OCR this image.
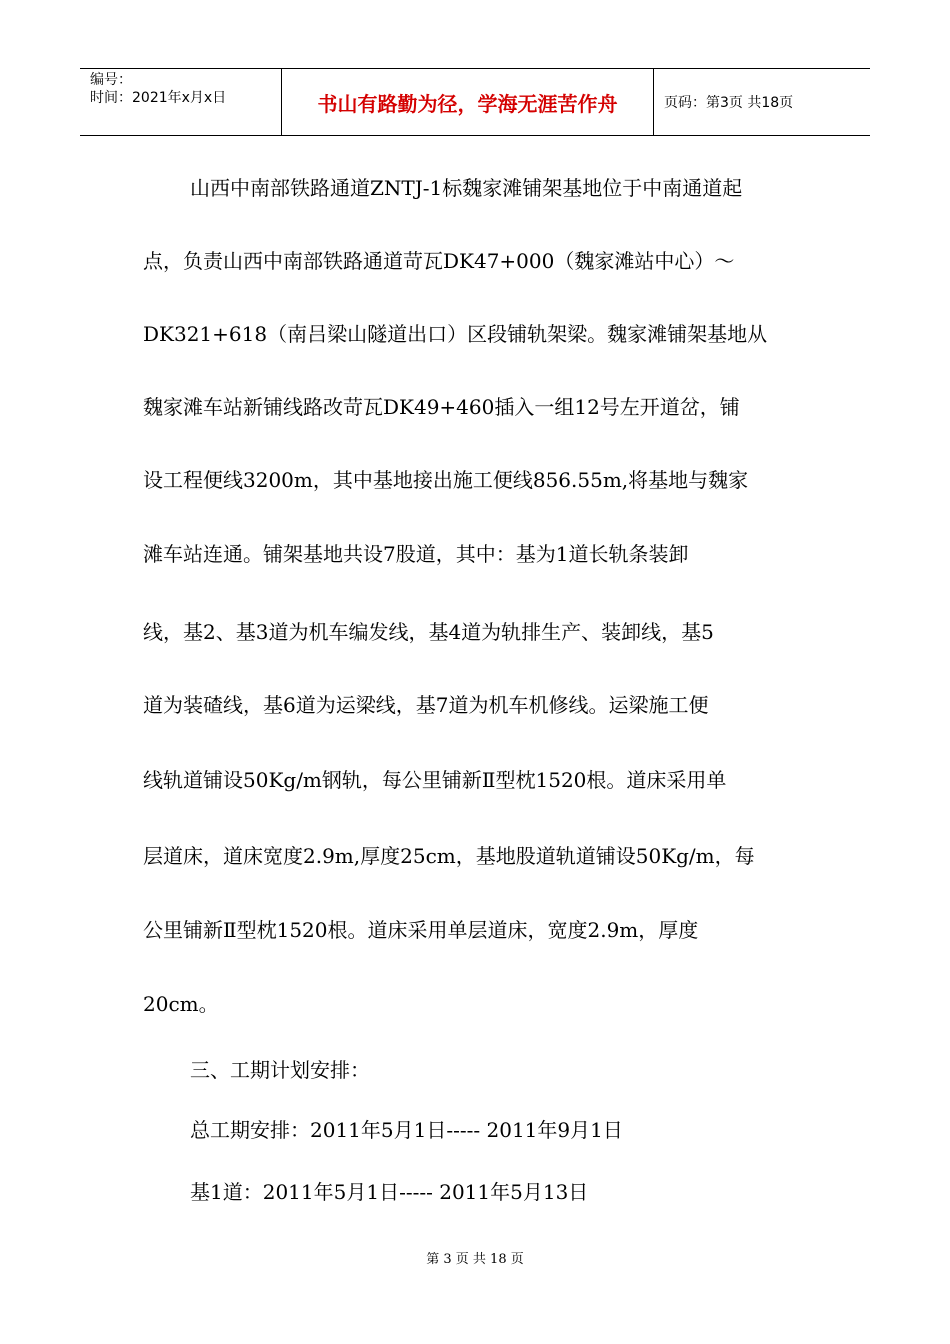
编号：
时间：2021年x月x日	书山有路勤为径，学海无涯苦作舟	页码：第3页 共18页
山西中南部铁路通道ZNTJ-1标魏家滩铺架基地位于中南通道起
点，负责山西中南部铁路通道苛瓦DK47+000（魏家滩站中心）～
DK321+618（南吕梁山隧道出口）区段铺轨架梁。魏家滩铺架基地从
魏家滩车站新铺线路改苛瓦DK49+460插入一组12号左开道岔，铺
设工程便线3200m，其中基地接出施工便线856.55m,将基地与魏家
滩车站连通。铺架基地共设7股道，其中：基为1道长轨条装卸
线，基2、基3道为机车编发线，基4道为轨排生产、装卸线，基5
道为装碴线，基6道为运梁线，基7道为机车机修线。运梁施工便
线轨道铺设50Kg/m钢轨，每公里铺新Ⅱ型枕1520根。道床采用单
层道床，道床宽度2.9m,厚度25cm，基地股道轨道铺设50Kg/m，每
公里铺新Ⅱ型枕1520根。道床采用单层道床，宽度2.9m，厚度
20cm。
三、工期计划安排：
总工期安排：2011年5月1日----- 2011年9月1日
基1道：2011年5月1日----- 2011年5月13日
第 3 页 共 18 页
